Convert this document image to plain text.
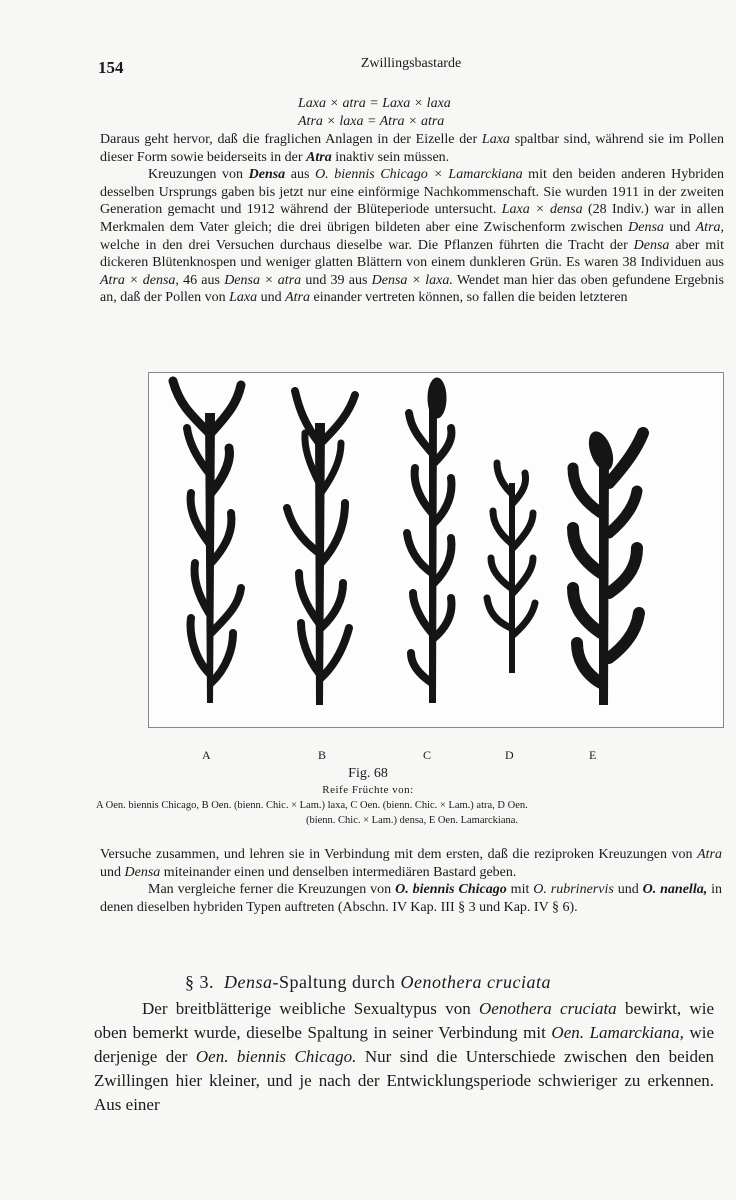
154	Zwillingsbastarde
Laxa × atra = Laxa × laxa
Atra × laxa = Atra × atra

Daraus geht hervor, daß die fraglichen Anlagen in der Eizelle der Laxa spaltbar sind, während sie im Pollen dieser Form sowie beiderseits in der Atra inaktiv sein müssen.

Kreuzungen von Densa aus O. biennis Chicago × Lamarckiana mit den beiden anderen Hybriden desselben Ursprungs gaben bis jetzt nur eine einförmige Nachkommenschaft. Sie wurden 1911 in der zweiten Generation gemacht und 1912 während der Blüteperiode untersucht. Laxa × densa (28 Indiv.) war in allen Merkmalen dem Vater gleich; die drei übrigen bildeten aber eine Zwischenform zwischen Densa und Atra, welche in den drei Versuchen durchaus dieselbe war. Die Pflanzen führten die Tracht der Densa aber mit dickeren Blütenknospen und weniger glatten Blättern von einem dunkleren Grün. Es waren 38 Individuen aus Atra × densa, 46 aus Densa × atra und 39 aus Densa × laxa. Wendet man hier das oben gefundene Ergebnis an, daß der Pollen von Laxa und Atra einander vertreten können, so fallen die beiden letzteren

A	B	C	D	E
Fig. 68
Reife Früchte von:

A Oen. biennis Chicago, B Oen. (bienn. Chic. × Lam.) laxa, C Oen. (bienn. Chic. × Lam.) atra, D Oen.

(bienn. Chic. × Lam.) densa, E Oen. Lamarckiana.

Versuche zusammen, und lehren sie in Verbindung mit dem ersten, daß die reziproken Kreuzungen von Atra und Densa miteinander einen und denselben intermediären Bastard geben.

Man vergleiche ferner die Kreuzungen von O. biennis Chicago mit O. rubrinervis und O. nanella, in denen dieselben hybriden Typen auftreten (Abschn. IV Kap. III § 3 und Kap. IV § 6).

§ 3. Densa-Spaltung durch Oenothera cruciata

Der breitblätterige weibliche Sexualtypus von Oenothera cruciata bewirkt, wie oben bemerkt wurde, dieselbe Spaltung in seiner Verbindung mit Oen. Lamarckiana, wie derjenige der Oen. biennis Chicago. Nur sind die Unterschiede zwischen den beiden Zwillingen hier kleiner, und je nach der Entwicklungsperiode schwieriger zu erkennen. Aus einer
